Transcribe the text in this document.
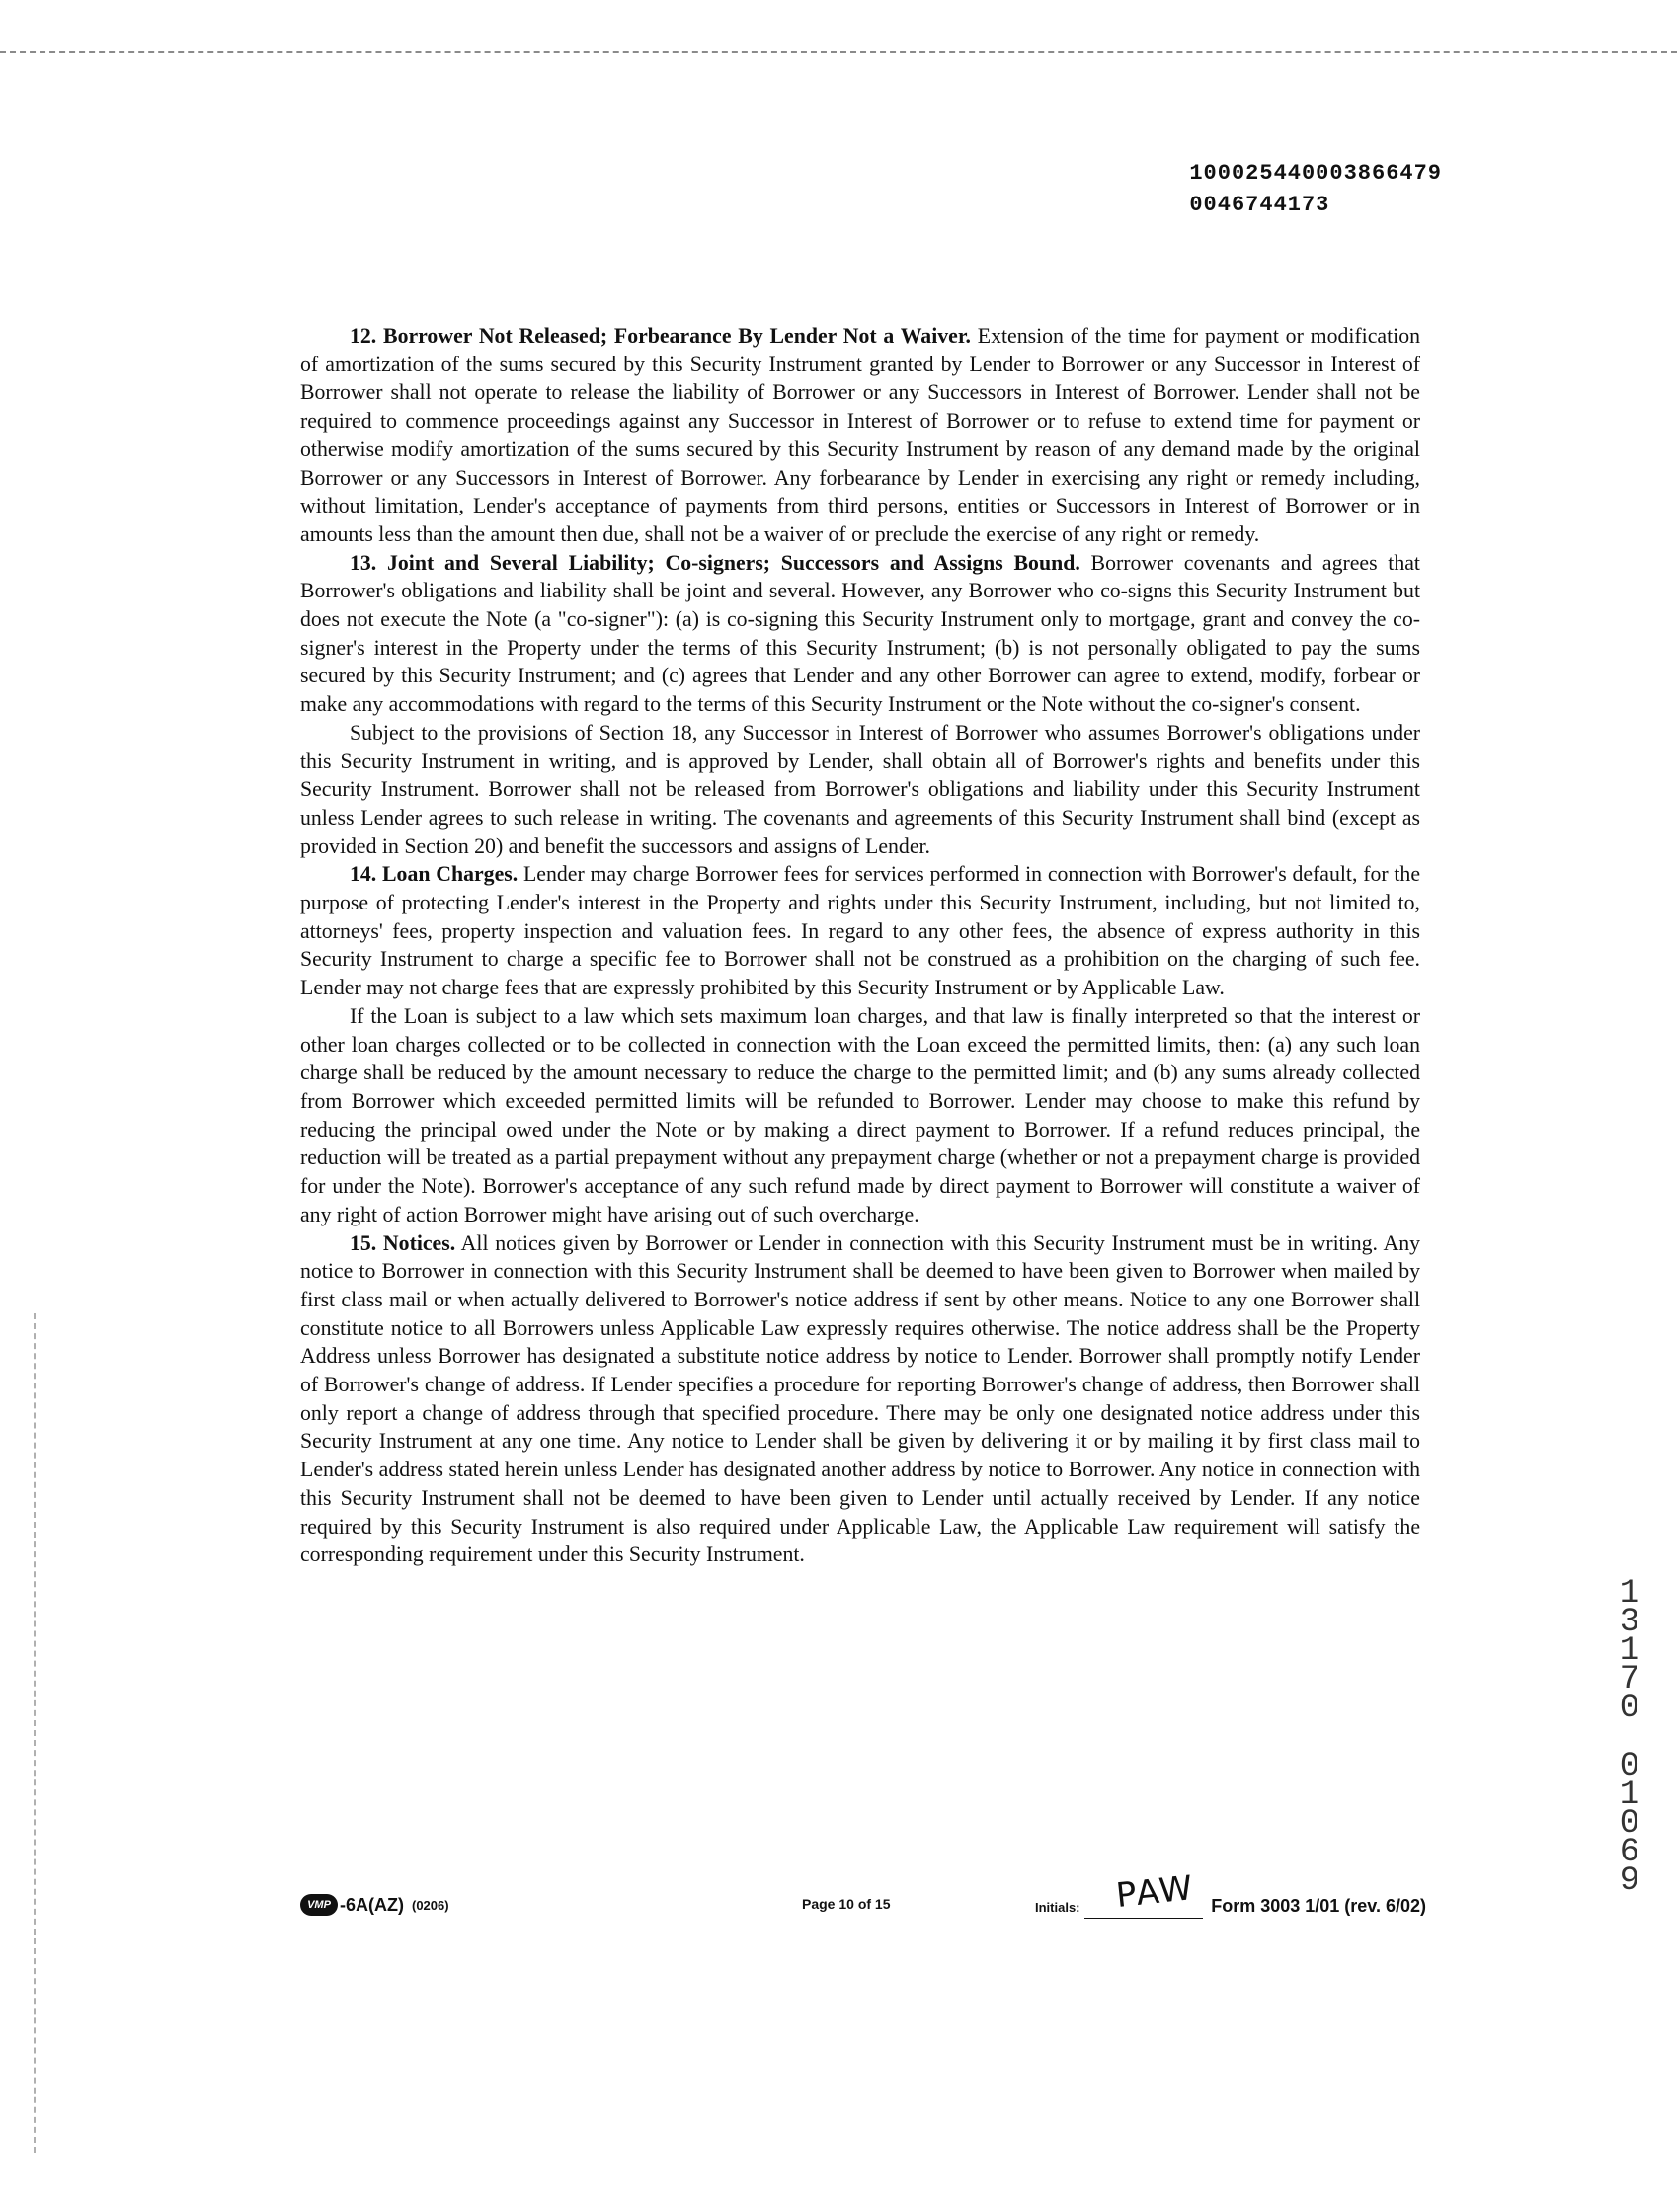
100025440003866479
0046744173

12. Borrower Not Released; Forbearance By Lender Not a Waiver. Extension of the time for payment or modification of amortization of the sums secured by this Security Instrument granted by Lender to Borrower or any Successor in Interest of Borrower shall not operate to release the liability of Borrower or any Successors in Interest of Borrower. Lender shall not be required to commence proceedings against any Successor in Interest of Borrower or to refuse to extend time for payment or otherwise modify amortization of the sums secured by this Security Instrument by reason of any demand made by the original Borrower or any Successors in Interest of Borrower. Any forbearance by Lender in exercising any right or remedy including, without limitation, Lender's acceptance of payments from third persons, entities or Successors in Interest of Borrower or in amounts less than the amount then due, shall not be a waiver of or preclude the exercise of any right or remedy.

13. Joint and Several Liability; Co-signers; Successors and Assigns Bound. Borrower covenants and agrees that Borrower's obligations and liability shall be joint and several. However, any Borrower who co-signs this Security Instrument but does not execute the Note (a "co-signer"): (a) is co-signing this Security Instrument only to mortgage, grant and convey the co-signer's interest in the Property under the terms of this Security Instrument; (b) is not personally obligated to pay the sums secured by this Security Instrument; and (c) agrees that Lender and any other Borrower can agree to extend, modify, forbear or make any accommodations with regard to the terms of this Security Instrument or the Note without the co-signer's consent.

Subject to the provisions of Section 18, any Successor in Interest of Borrower who assumes Borrower's obligations under this Security Instrument in writing, and is approved by Lender, shall obtain all of Borrower's rights and benefits under this Security Instrument. Borrower shall not be released from Borrower's obligations and liability under this Security Instrument unless Lender agrees to such release in writing. The covenants and agreements of this Security Instrument shall bind (except as provided in Section 20) and benefit the successors and assigns of Lender.

14. Loan Charges. Lender may charge Borrower fees for services performed in connection with Borrower's default, for the purpose of protecting Lender's interest in the Property and rights under this Security Instrument, including, but not limited to, attorneys' fees, property inspection and valuation fees. In regard to any other fees, the absence of express authority in this Security Instrument to charge a specific fee to Borrower shall not be construed as a prohibition on the charging of such fee. Lender may not charge fees that are expressly prohibited by this Security Instrument or by Applicable Law.

If the Loan is subject to a law which sets maximum loan charges, and that law is finally interpreted so that the interest or other loan charges collected or to be collected in connection with the Loan exceed the permitted limits, then: (a) any such loan charge shall be reduced by the amount necessary to reduce the charge to the permitted limit; and (b) any sums already collected from Borrower which exceeded permitted limits will be refunded to Borrower. Lender may choose to make this refund by reducing the principal owed under the Note or by making a direct payment to Borrower. If a refund reduces principal, the reduction will be treated as a partial prepayment without any prepayment charge (whether or not a prepayment charge is provided for under the Note). Borrower's acceptance of any such refund made by direct payment to Borrower will constitute a waiver of any right of action Borrower might have arising out of such overcharge.

15. Notices. All notices given by Borrower or Lender in connection with this Security Instrument must be in writing. Any notice to Borrower in connection with this Security Instrument shall be deemed to have been given to Borrower when mailed by first class mail or when actually delivered to Borrower's notice address if sent by other means. Notice to any one Borrower shall constitute notice to all Borrowers unless Applicable Law expressly requires otherwise. The notice address shall be the Property Address unless Borrower has designated a substitute notice address by notice to Lender. Borrower shall promptly notify Lender of Borrower's change of address. If Lender specifies a procedure for reporting Borrower's change of address, then Borrower shall only report a change of address through that specified procedure. There may be only one designated notice address under this Security Instrument at any one time. Any notice to Lender shall be given by delivering it or by mailing it by first class mail to Lender's address stated herein unless Lender has designated another address by notice to Borrower. Any notice in connection with this Security Instrument shall not be deemed to have been given to Lender until actually received by Lender. If any notice required by this Security Instrument is also required under Applicable Law, the Applicable Law requirement will satisfy the corresponding requirement under this Security Instrument.

1
3
1
7
0
0
1
0
6
9
VMP -6A(AZ) (0206)	Page 10 of 15	Initials: PAW Form 3003 1/01 (rev. 6/02)
